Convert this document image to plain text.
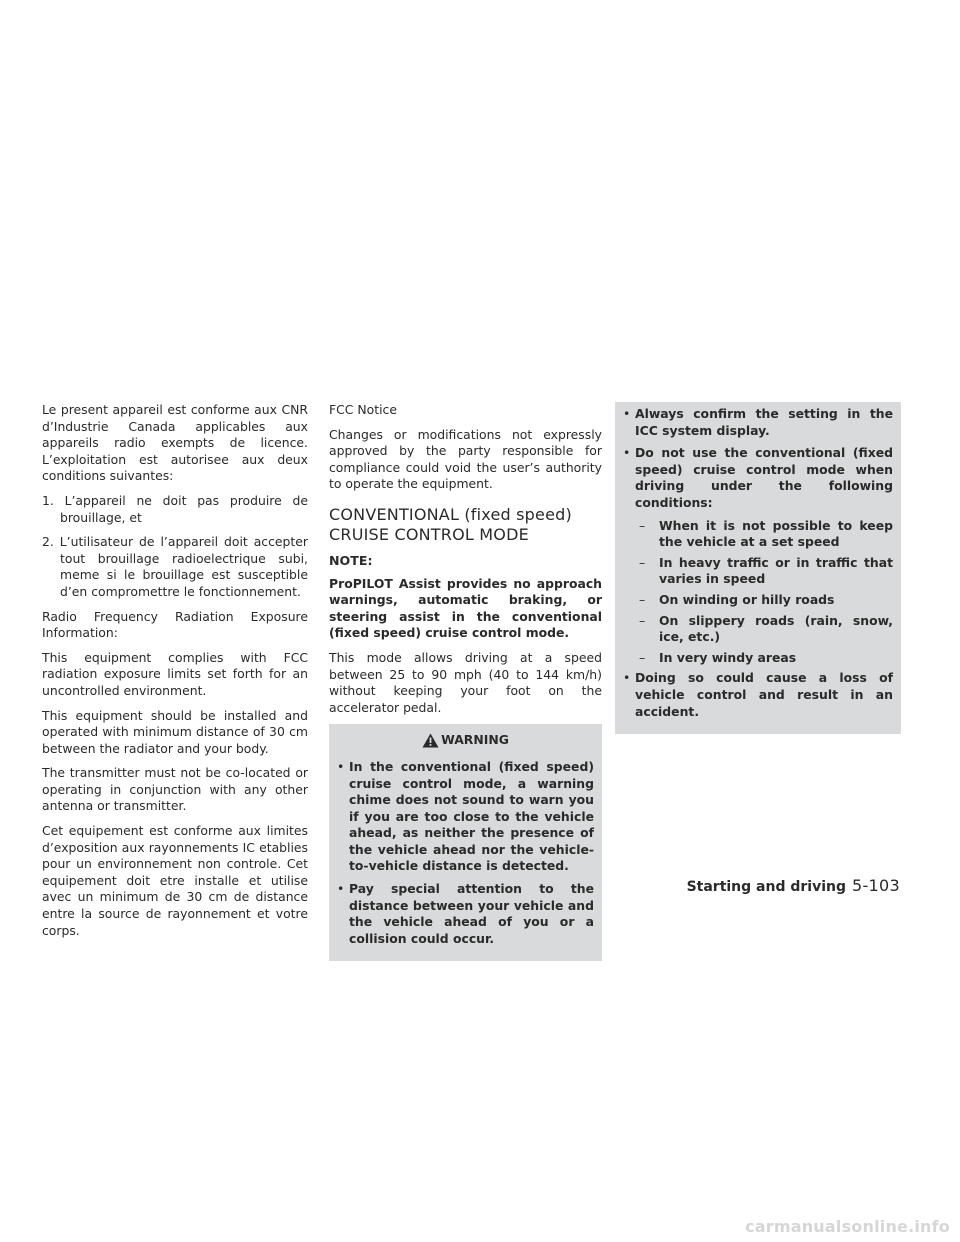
Le present appareil est conforme aux CNR d’Industrie Canada applicables aux appareils radio exempts de licence. L’exploitation est autorisee aux deux conditions suivantes:

1. L’appareil ne doit pas produire de brouillage, et
2. L’utilisateur de l’appareil doit accepter tout brouillage radioelectrique subi, meme si le brouillage est susceptible d’en compromettre le fonctionnement.

Radio Frequency Radiation Exposure Information:

This equipment complies with FCC radiation exposure limits set forth for an uncontrolled environment.

This equipment should be installed and operated with minimum distance of 30 cm between the radiator and your body.

The transmitter must not be co-located or operating in conjunction with any other antenna or transmitter.

Cet equipement est conforme aux limites d’exposition aux rayonnements IC etablies pour un environnement non controle. Cet equipement doit etre installe et utilise avec un minimum de 30 cm de distance entre la source de rayonnement et votre corps.

FCC Notice

Changes or modifications not expressly approved by the party responsible for compliance could void the user’s authority to operate the equipment.

CONVENTIONAL (fixed speed)
CRUISE CONTROL MODE
NOTE:

ProPILOT Assist provides no approach warnings, automatic braking, or steering assist in the conventional (fixed speed) cruise control mode.

This mode allows driving at a speed between 25 to 90 mph (40 to 144 km/h) without keeping your foot on the accelerator pedal.

WARNING
• In the conventional (fixed speed) cruise control mode, a warning chime does not sound to warn you if you are too close to the vehicle ahead, as neither the presence of the vehicle ahead nor the vehicle-to-vehicle distance is detected.
• Pay special attention to the distance between your vehicle and the vehicle ahead of you or a collision could occur.
• Always confirm the setting in the ICC system display.
• Do not use the conventional (fixed speed) cruise control mode when driving under the following conditions:
– When it is not possible to keep the vehicle at a set speed
– In heavy traffic or in traffic that varies in speed
– On winding or hilly roads
– On slippery roads (rain, snow, ice, etc.)
– In very windy areas
• Doing so could cause a loss of vehicle control and result in an accident.
Starting and driving 5-103
carmanualsonline.info
